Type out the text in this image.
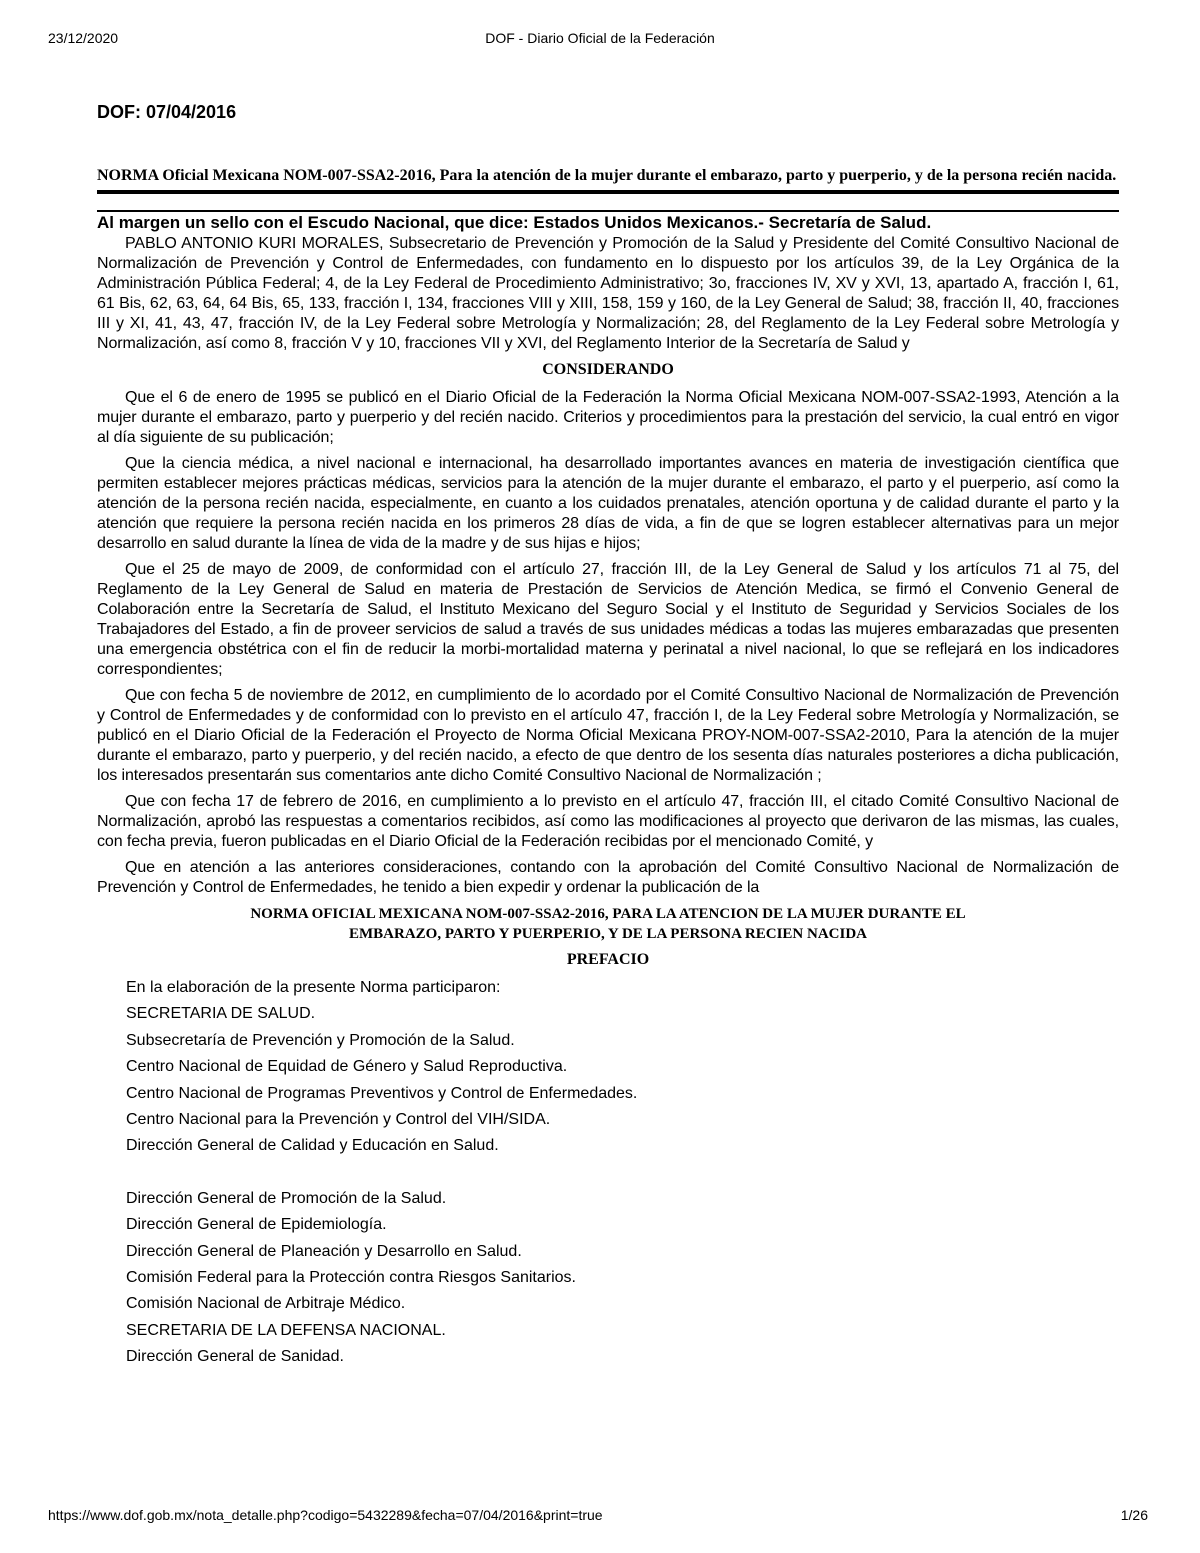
23/12/2020	DOF - Diario Oficial de la Federación
DOF: 07/04/2016

NORMA Oficial Mexicana NOM-007-SSA2-2016, Para la atención de la mujer durante el embarazo, parto y puerperio, y de la persona recién nacida.

Al margen un sello con el Escudo Nacional, que dice: Estados Unidos Mexicanos.- Secretaría de Salud.

PABLO ANTONIO KURI MORALES, Subsecretario de Prevención y Promoción de la Salud y Presidente del Comité Consultivo Nacional de Normalización de Prevención y Control de Enfermedades, con fundamento en lo dispuesto por los artículos 39, de la Ley Orgánica de la Administración Pública Federal; 4, de la Ley Federal de Procedimiento Administrativo; 3o, fracciones IV, XV y XVI, 13, apartado A, fracción I, 61, 61 Bis, 62, 63, 64, 64 Bis, 65, 133, fracción I, 134, fracciones VIII y XIII, 158, 159 y 160, de la Ley General de Salud; 38, fracción II, 40, fracciones III y XI, 41, 43, 47, fracción IV, de la Ley Federal sobre Metrología y Normalización; 28, del Reglamento de la Ley Federal sobre Metrología y Normalización, así como 8, fracción V y 10, fracciones VII y XVI, del Reglamento Interior de la Secretaría de Salud y

CONSIDERANDO

Que el 6 de enero de 1995 se publicó en el Diario Oficial de la Federación la Norma Oficial Mexicana NOM-007-SSA2-1993, Atención a la mujer durante el embarazo, parto y puerperio y del recién nacido. Criterios y procedimientos para la prestación del servicio, la cual entró en vigor al día siguiente de su publicación;

Que la ciencia médica, a nivel nacional e internacional, ha desarrollado importantes avances en materia de investigación científica que permiten establecer mejores prácticas médicas, servicios para la atención de la mujer durante el embarazo, el parto y el puerperio, así como la atención de la persona recién nacida, especialmente, en cuanto a los cuidados prenatales, atención oportuna y de calidad durante el parto y la atención que requiere la persona recién nacida en los primeros 28 días de vida, a fin de que se logren establecer alternativas para un mejor desarrollo en salud durante la línea de vida de la madre y de sus hijas e hijos;

Que el 25 de mayo de 2009, de conformidad con el artículo 27, fracción III, de la Ley General de Salud y los artículos 71 al 75, del Reglamento de la Ley General de Salud en materia de Prestación de Servicios de Atención Medica, se firmó el Convenio General de Colaboración entre la Secretaría de Salud, el Instituto Mexicano del Seguro Social y el Instituto de Seguridad y Servicios Sociales de los Trabajadores del Estado, a fin de proveer servicios de salud a través de sus unidades médicas a todas las mujeres embarazadas que presenten una emergencia obstétrica con el fin de reducir la morbi-mortalidad materna y perinatal a nivel nacional, lo que se reflejará en los indicadores correspondientes;

Que con fecha 5 de noviembre de 2012, en cumplimiento de lo acordado por el Comité Consultivo Nacional de Normalización de Prevención y Control de Enfermedades y de conformidad con lo previsto en el artículo 47, fracción I, de la Ley Federal sobre Metrología y Normalización, se publicó en el Diario Oficial de la Federación el Proyecto de Norma Oficial Mexicana PROY-NOM-007-SSA2-2010, Para la atención de la mujer durante el embarazo, parto y puerperio, y del recién nacido, a efecto de que dentro de los sesenta días naturales posteriores a dicha publicación, los interesados presentarán sus comentarios ante dicho Comité Consultivo Nacional de Normalización ;

Que con fecha 17 de febrero de 2016, en cumplimiento a lo previsto en el artículo 47, fracción III, el citado Comité Consultivo Nacional de Normalización, aprobó las respuestas a comentarios recibidos, así como las modificaciones al proyecto que derivaron de las mismas, las cuales, con fecha previa, fueron publicadas en el Diario Oficial de la Federación recibidas por el mencionado Comité, y

Que en atención a las anteriores consideraciones, contando con la aprobación del Comité Consultivo Nacional de Normalización de Prevención y Control de Enfermedades, he tenido a bien expedir y ordenar la publicación de la

NORMA OFICIAL MEXICANA NOM-007-SSA2-2016, PARA LA ATENCION DE LA MUJER DURANTE EL
EMBARAZO, PARTO Y PUERPERIO, Y DE LA PERSONA RECIEN NACIDA
PREFACIO
En la elaboración de la presente Norma participaron:
SECRETARIA DE SALUD.
Subsecretaría de Prevención y Promoción de la Salud.
Centro Nacional de Equidad de Género y Salud Reproductiva.
Centro Nacional de Programas Preventivos y Control de Enfermedades.
Centro Nacional para la Prevención y Control del VIH/SIDA.
Dirección General de Calidad y Educación en Salud.
Dirección General de Promoción de la Salud.
Dirección General de Epidemiología.
Dirección General de Planeación y Desarrollo en Salud.
Comisión Federal para la Protección contra Riesgos Sanitarios.
Comisión Nacional de Arbitraje Médico.
SECRETARIA DE LA DEFENSA NACIONAL.
Dirección General de Sanidad.
https://www.dof.gob.mx/nota_detalle.php?codigo=5432289&fecha=07/04/2016&print=true	1/26
